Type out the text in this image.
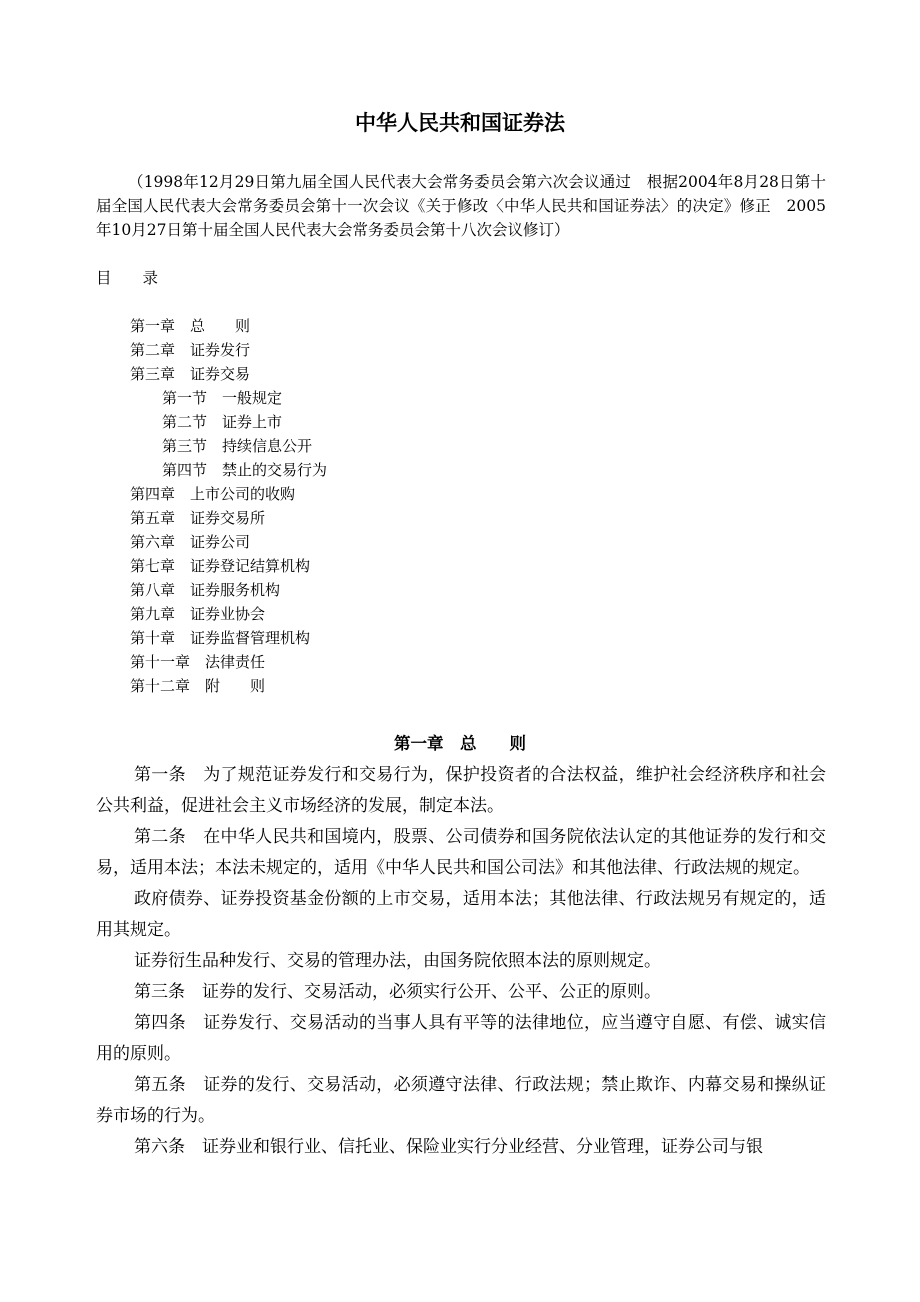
中华人民共和国证券法
（1998年12月29日第九届全国人民代表大会常务委员会第六次会议通过　根据2004年8月28日第十届全国人民代表大会常务委员会第十一次会议《关于修改〈中华人民共和国证券法〉的决定》修正　2005年10月27日第十届全国人民代表大会常务委员会第十八次会议修订）
目　　录
第一章　总　　则
第二章　证券发行
第三章　证券交易
第一节　一般规定
第二节　证券上市
第三节　持续信息公开
第四节　禁止的交易行为
第四章　上市公司的收购
第五章　证券交易所
第六章　证券公司
第七章　证券登记结算机构
第八章　证券服务机构
第九章　证券业协会
第十章　证券监督管理机构
第十一章　法律责任
第十二章　附　　则
第一章　总　　则

第一条　为了规范证券发行和交易行为，保护投资者的合法权益，维护社会经济秩序和社会公共利益，促进社会主义市场经济的发展，制定本法。

第二条　在中华人民共和国境内，股票、公司债券和国务院依法认定的其他证券的发行和交易，适用本法；本法未规定的，适用《中华人民共和国公司法》和其他法律、行政法规的规定。

政府债券、证券投资基金份额的上市交易，适用本法；其他法律、行政法规另有规定的，适用其规定。

证券衍生品种发行、交易的管理办法，由国务院依照本法的原则规定。

第三条　证券的发行、交易活动，必须实行公开、公平、公正的原则。

第四条　证券发行、交易活动的当事人具有平等的法律地位，应当遵守自愿、有偿、诚实信用的原则。

第五条　证券的发行、交易活动，必须遵守法律、行政法规；禁止欺诈、内幕交易和操纵证券市场的行为。

第六条　证券业和银行业、信托业、保险业实行分业经营、分业管理，证券公司与银
